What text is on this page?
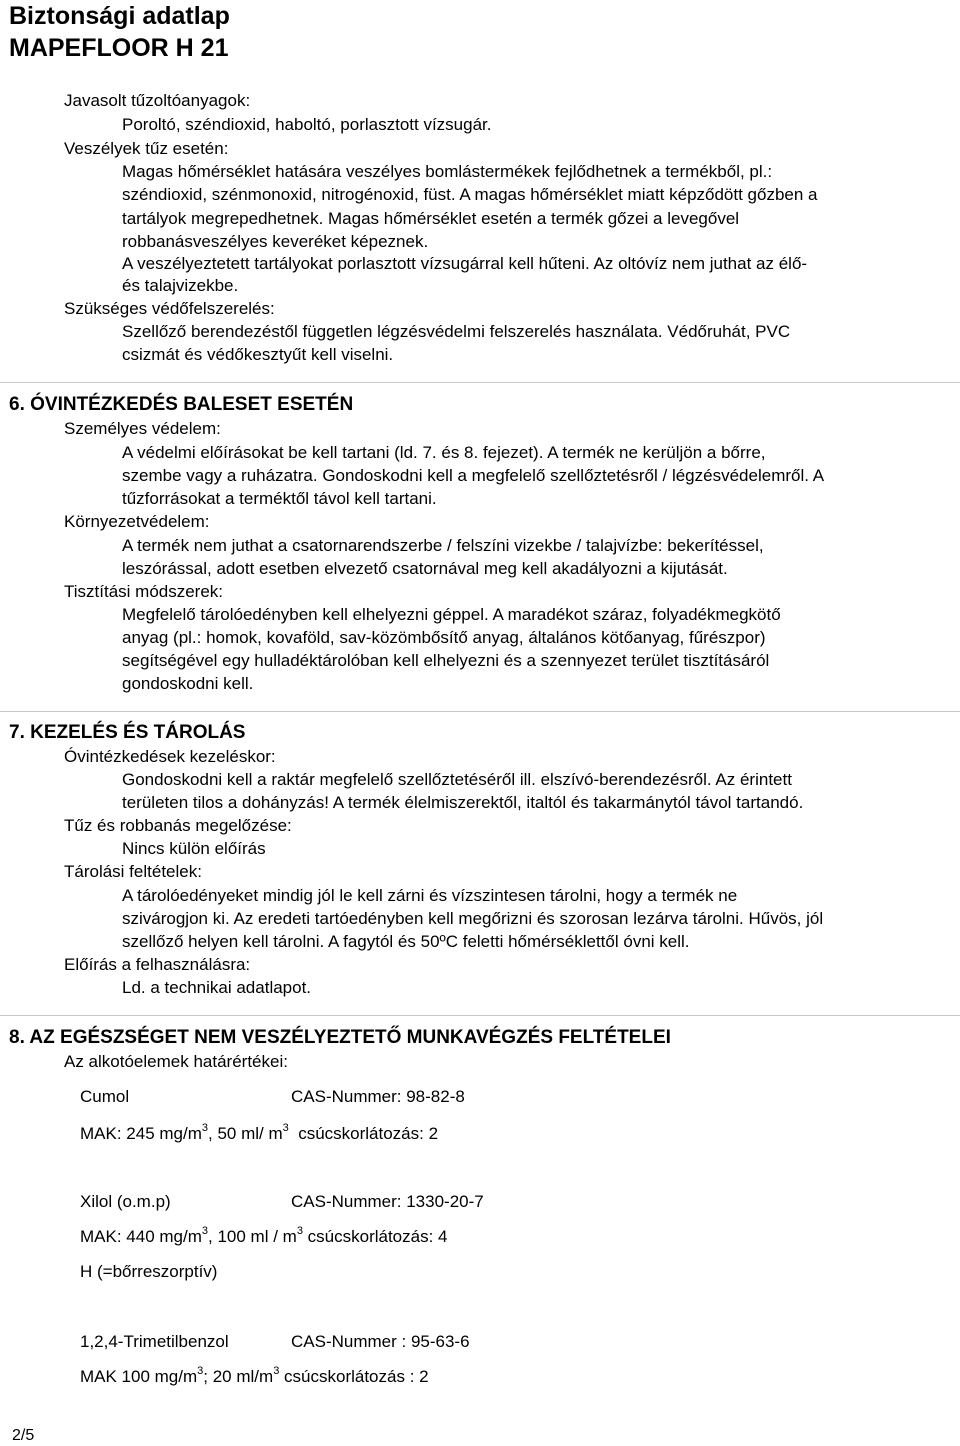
Biztonsági adatlap
MAPEFLOOR H 21
Javasolt tűzoltóanyagok:
Poroltó, széndioxid, haboltó, porlasztott vízsugár.
Veszélyek tűz esetén:
Magas hőmérséklet hatására veszélyes bomlástermékek fejlődhetnek a termékből, pl.:
széndioxid, szénmonoxid, nitrogénoxid, füst. A magas hőmérséklet miatt képződött gőzben a
tartályok megrepedhetnek. Magas hőmérséklet esetén a termék gőzei a levegővel
robbanásveszélyes keveréket képeznek.
A veszélyeztetett tartályokat porlasztott vízsugárral kell hűteni. Az oltóvíz nem juthat az élő-
és talajvizekbe.
Szükséges védőfelszerelés:
Szellőző berendezéstől független légzésvédelmi felszerelés használata. Védőruhát, PVC
csizmát és védőkesztyűt kell viselni.
6. ÓVINTÉZKEDÉS BALESET ESETÉN
Személyes védelem:
A védelmi előírásokat be kell tartani (ld. 7. és 8. fejezet). A termék ne kerüljön a bőrre,
szembe vagy a ruházatra. Gondoskodni kell a megfelelő szellőztetésről / légzésvédelemről. A
tűzforrásokat a terméktől távol kell tartani.
Környezetvédelem:
A termék nem juthat a csatornarendszerbe / felszíni vizekbe / talajvízbe: bekerítéssel,
leszórással, adott esetben elvezető csatornával meg kell akadályozni a kijutását.
Tisztítási módszerek:
Megfelelő tárolóedényben kell elhelyezni géppel. A maradékot száraz, folyadékmegkötő
anyag (pl.: homok, kovaföld, sav-közömbősítő anyag, általános kötőanyag, fűrészpor)
segítségével egy hulladéktárolóban kell elhelyezni és a szennyezet terület tisztításáról
gondoskodni kell.
7. KEZELÉS ÉS TÁROLÁS
Óvintézkedések kezeléskor:
Gondoskodni kell a raktár megfelelő szellőztetéséről ill. elszívó-berendezésről. Az érintett
területen tilos a dohányzás! A termék élelmiszerektől, italtól és takarmánytól távol tartandó.
Tűz és robbanás megelőzése:
Nincs külön előírás
Tárolási feltételek:
A tárolóedényeket mindig jól le kell zárni és vízszintesen tárolni, hogy a termék ne
szivárogjon ki. Az eredeti tartóedényben kell megőrizni és szorosan lezárva tárolni. Hűvös, jól
szellőző helyen kell tárolni. A fagytól és 50ºC feletti hőmérséklettől óvni kell.
Előírás a felhasználásra:
Ld. a technikai adatlapot.
8. AZ EGÉSZSÉGET NEM VESZÉLYEZTETŐ MUNKAVÉGZÉS FELTÉTELEI
Az alkotóelemek határértékei:
Cumol	CAS-Nummer: 98-82-8
MAK: 245 $mg/m^3$, 50 ml/ $m^3$  csúcskorlátozás: 2
Xilol (o.m.p)	CAS-Nummer: 1330-20-7
MAK: 440 $mg/m^3$, 100 ml / $m^3$ csúcskorlátozás: 4
H (=bőrreszorptív)
1,2,4-Trimetilbenzol	CAS-Nummer : 95-63-6
MAK 100 $mg/m^3$; 20 $ml/m^3$ csúcskorlátozás : 2
2/5
